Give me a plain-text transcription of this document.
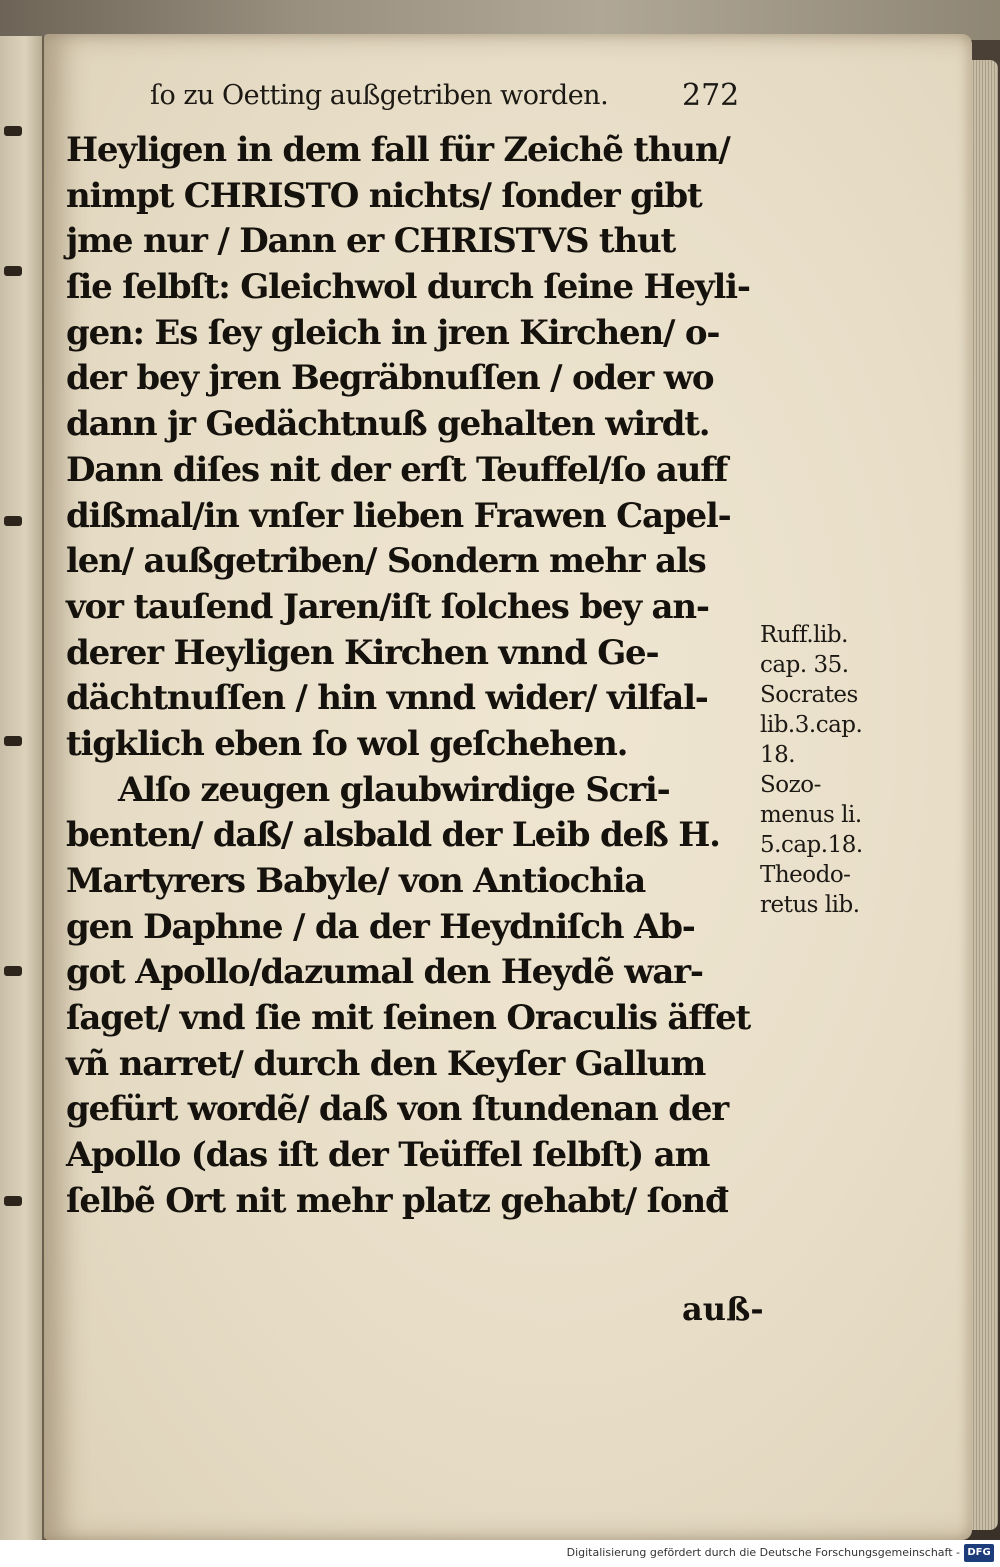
ſo zu Oetting außgetriben worden.	272
Heyligen in dem fall für Zeichẽ thun/
nimpt CHRISTO nichts/ ſonder gibt
jme nur / Dann er CHRISTVS thut
ſie ſelbſt: Gleichwol durch ſeine Heyli-
gen: Es ſey gleich in jren Kirchen/ o-
der bey jren Begräbnuſſen / oder wo
dann jr Gedächtnuß gehalten wirdt.
Dann diſes nit der erſt Teuffel/ſo auff
dißmal/in vnſer lieben Frawen Capel-
len/ außgetriben/ Sondern mehr als
vor tauſend Jaren/iſt ſolches bey an-
derer Heyligen Kirchen vnnd Ge-
dächtnuſſen / hin vnnd wider/ vilfal-
tigklich eben ſo wol geſchehen.
Alſo zeugen glaubwirdige Scri-
benten/ daß/ alsbald der Leib deß H.
Martyrers Babyle/ von Antiochia
gen Daphne / da der Heydniſch Ab-
got Apollo/dazumal den Heydẽ war-
ſaget/ vnd ſie mit ſeinen Oraculis äffet
vñ narret/ durch den Keyſer Gallum
gefürt wordẽ/ daß von ſtundenan der
Apollo (das iſt der Teüffel ſelbſt) am
ſelbẽ Ort nit mehr platz gehabt/ ſonđ
auß-
Ruff.lib.
cap. 35.
Socrates
lib.3.cap.
18.
Sozo-
menus li.
5.cap.18.
Theodo-
retus lib.
Digitalisierung gefördert durch die Deutsche Forschungsgemeinschaft - DFG
